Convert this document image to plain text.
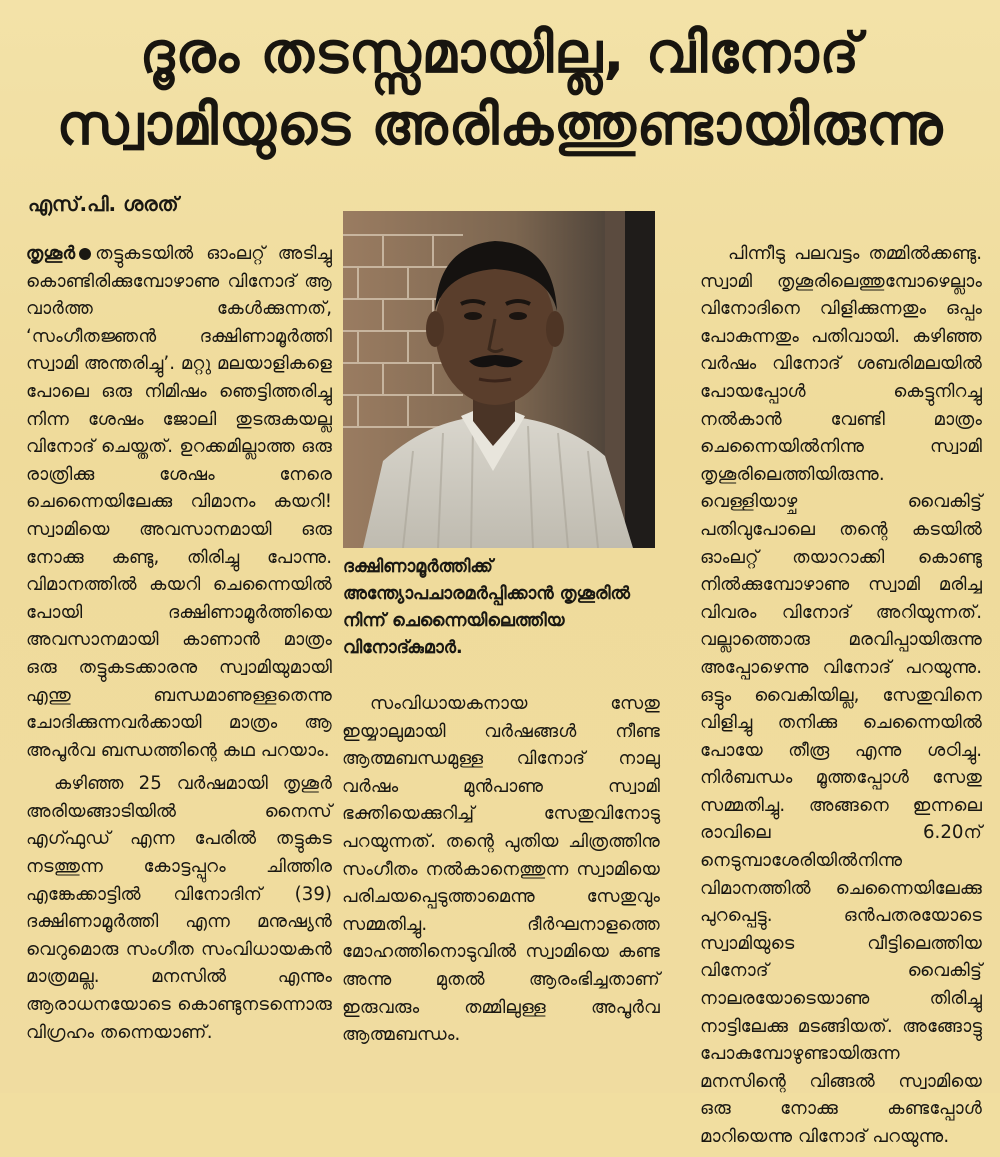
ദൂരം തടസ്സമായില്ല, വിനോദ്
സ്വാമിയുടെ അരികത്തുണ്ടായിരുന്നു
എസ്.പി. ശരത്

തൃശൂർ തട്ടുകടയിൽ ഓംലറ്റ് അടിച്ചു കൊണ്ടിരിക്കുമ്പോഴാണു വിനോദ് ആ വാർത്ത കേൾക്കുന്നത്, ‘സംഗീതജ്ഞൻ ദക്ഷിണാമൂർത്തി സ്വാമി അന്തരിച്ചു’. മറ്റു മലയാളികളെ പോലെ ഒരു നിമിഷം ഞെട്ടിത്തരിച്ചു നിന്ന ശേഷം ജോലി തുടരുകയല്ല വിനോദ് ചെയ്തത്. ഉറക്കമില്ലാത്ത ഒരു രാത്രിക്കു ശേഷം നേരെ ചെന്നൈയിലേക്കു വിമാനം കയറി! സ്വാമിയെ അവസാനമായി ഒരു നോക്കു കണ്ടു, തിരിച്ചു പോന്നു. വിമാനത്തിൽ കയറി ചെന്നൈയിൽ പോയി ദക്ഷിണാമൂർത്തിയെ അവസാനമായി കാണാൻ മാത്രം ഒരു തട്ടുകടക്കാരനു സ്വാമിയുമായി എന്തു ബന്ധമാണുള്ളതെന്നു ചോദിക്കുന്നവർക്കായി മാത്രം ആ അപൂർവ ബന്ധത്തിന്റെ കഥ പറയാം.

കഴിഞ്ഞ 25 വർഷമായി തൃശൂർ അരിയങ്ങാടിയിൽ നൈസ് എഗ്ഫുഡ് എന്ന പേരിൽ തട്ടുകട നടത്തുന്ന കോട്ടപ്പുറം ചിത്തിര എങ്കേക്കാട്ടിൽ വിനോദിന് (39) ദക്ഷിണാമൂർത്തി എന്ന മനുഷ്യൻ വെറുമൊരു സംഗീത സംവിധായകൻ മാത്രമല്ല. മനസിൽ എന്നും ആരാധനയോടെ കൊണ്ടുനടന്നൊരു വിഗ്രഹം തന്നെയാണ്.

ദക്ഷിണാമൂർത്തിക്ക് അന്ത്യോപചാരമർപ്പിക്കാൻ തൃശൂരിൽ നിന്ന് ചെന്നൈയിലെത്തിയ വിനോദ്കുമാർ.

സംവിധായകനായ സേതു ഇയ്യാലുമായി വർഷങ്ങൾ നീണ്ട ആത്മബന്ധമുള്ള വിനോദ് നാലു വർഷം മുൻപാണു സ്വാമി ഭക്തിയെക്കുറിച്ച് സേതുവിനോടു പറയുന്നത്. തന്റെ പുതിയ ചിത്രത്തിനു സംഗീതം നൽകാനെത്തുന്ന സ്വാമിയെ പരിചയപ്പെടുത്താമെന്നു സേതുവും സമ്മതിച്ചു. ദീർഘനാളത്തെ മോഹത്തിനൊടുവിൽ സ്വാമിയെ കണ്ട അന്നു മുതൽ ആരംഭിച്ചതാണ് ഇരുവരും തമ്മിലുള്ള അപൂർവ ആത്മബന്ധം.

പിന്നീടു പലവട്ടം തമ്മിൽക്കണ്ടു. സ്വാമി തൃശൂരിലെത്തുമ്പോഴെല്ലാം വിനോദിനെ വിളിക്കുന്നതും ഒപ്പം പോകുന്നതും പതിവായി. കഴിഞ്ഞ വർഷം വിനോദ് ശബരിമലയിൽ പോയപ്പോൾ കെട്ടുനിറച്ചു നൽകാൻ വേണ്ടി മാത്രം ചെന്നൈയിൽനിന്നു സ്വാമി തൃശൂരിലെത്തിയിരുന്നു. വെള്ളിയാഴ്ച വൈകിട്ട് പതിവുപോലെ തന്റെ കടയിൽ ഓംലറ്റ് തയാറാക്കി കൊണ്ടു നിൽക്കുമ്പോഴാണു സ്വാമി മരിച്ച വിവരം വിനോദ് അറിയുന്നത്. വല്ലാത്തൊരു മരവിപ്പായിരുന്നു അപ്പോഴെന്നു വിനോദ് പറയുന്നു. ഒട്ടും വൈകിയില്ല, സേതുവിനെ വിളിച്ചു തനിക്കു ചെന്നൈയിൽ പോയേ തീരൂ എന്നു ശഠിച്ചു. നിർബന്ധം മൂത്തപ്പോൾ സേതു സമ്മതിച്ചു. അങ്ങനെ ഇന്നലെ രാവിലെ 6.20ന് നെടുമ്പാശേരിയിൽനിന്നു വിമാനത്തിൽ ചെന്നൈയിലേക്കു പുറപ്പെട്ടു. ഒൻപതരയോടെ സ്വാമിയുടെ വീട്ടിലെത്തിയ വിനോദ് വൈകിട്ട് നാലരയോടെയാണു തിരിച്ചു നാട്ടിലേക്കു മടങ്ങിയത്. അങ്ങോട്ടു പോകുമ്പോഴുണ്ടായിരുന്ന മനസിന്റെ വിങ്ങൽ സ്വാമിയെ ഒരു നോക്കു കണ്ടപ്പോൾ മാറിയെന്നു വിനോദ് പറയുന്നു.
